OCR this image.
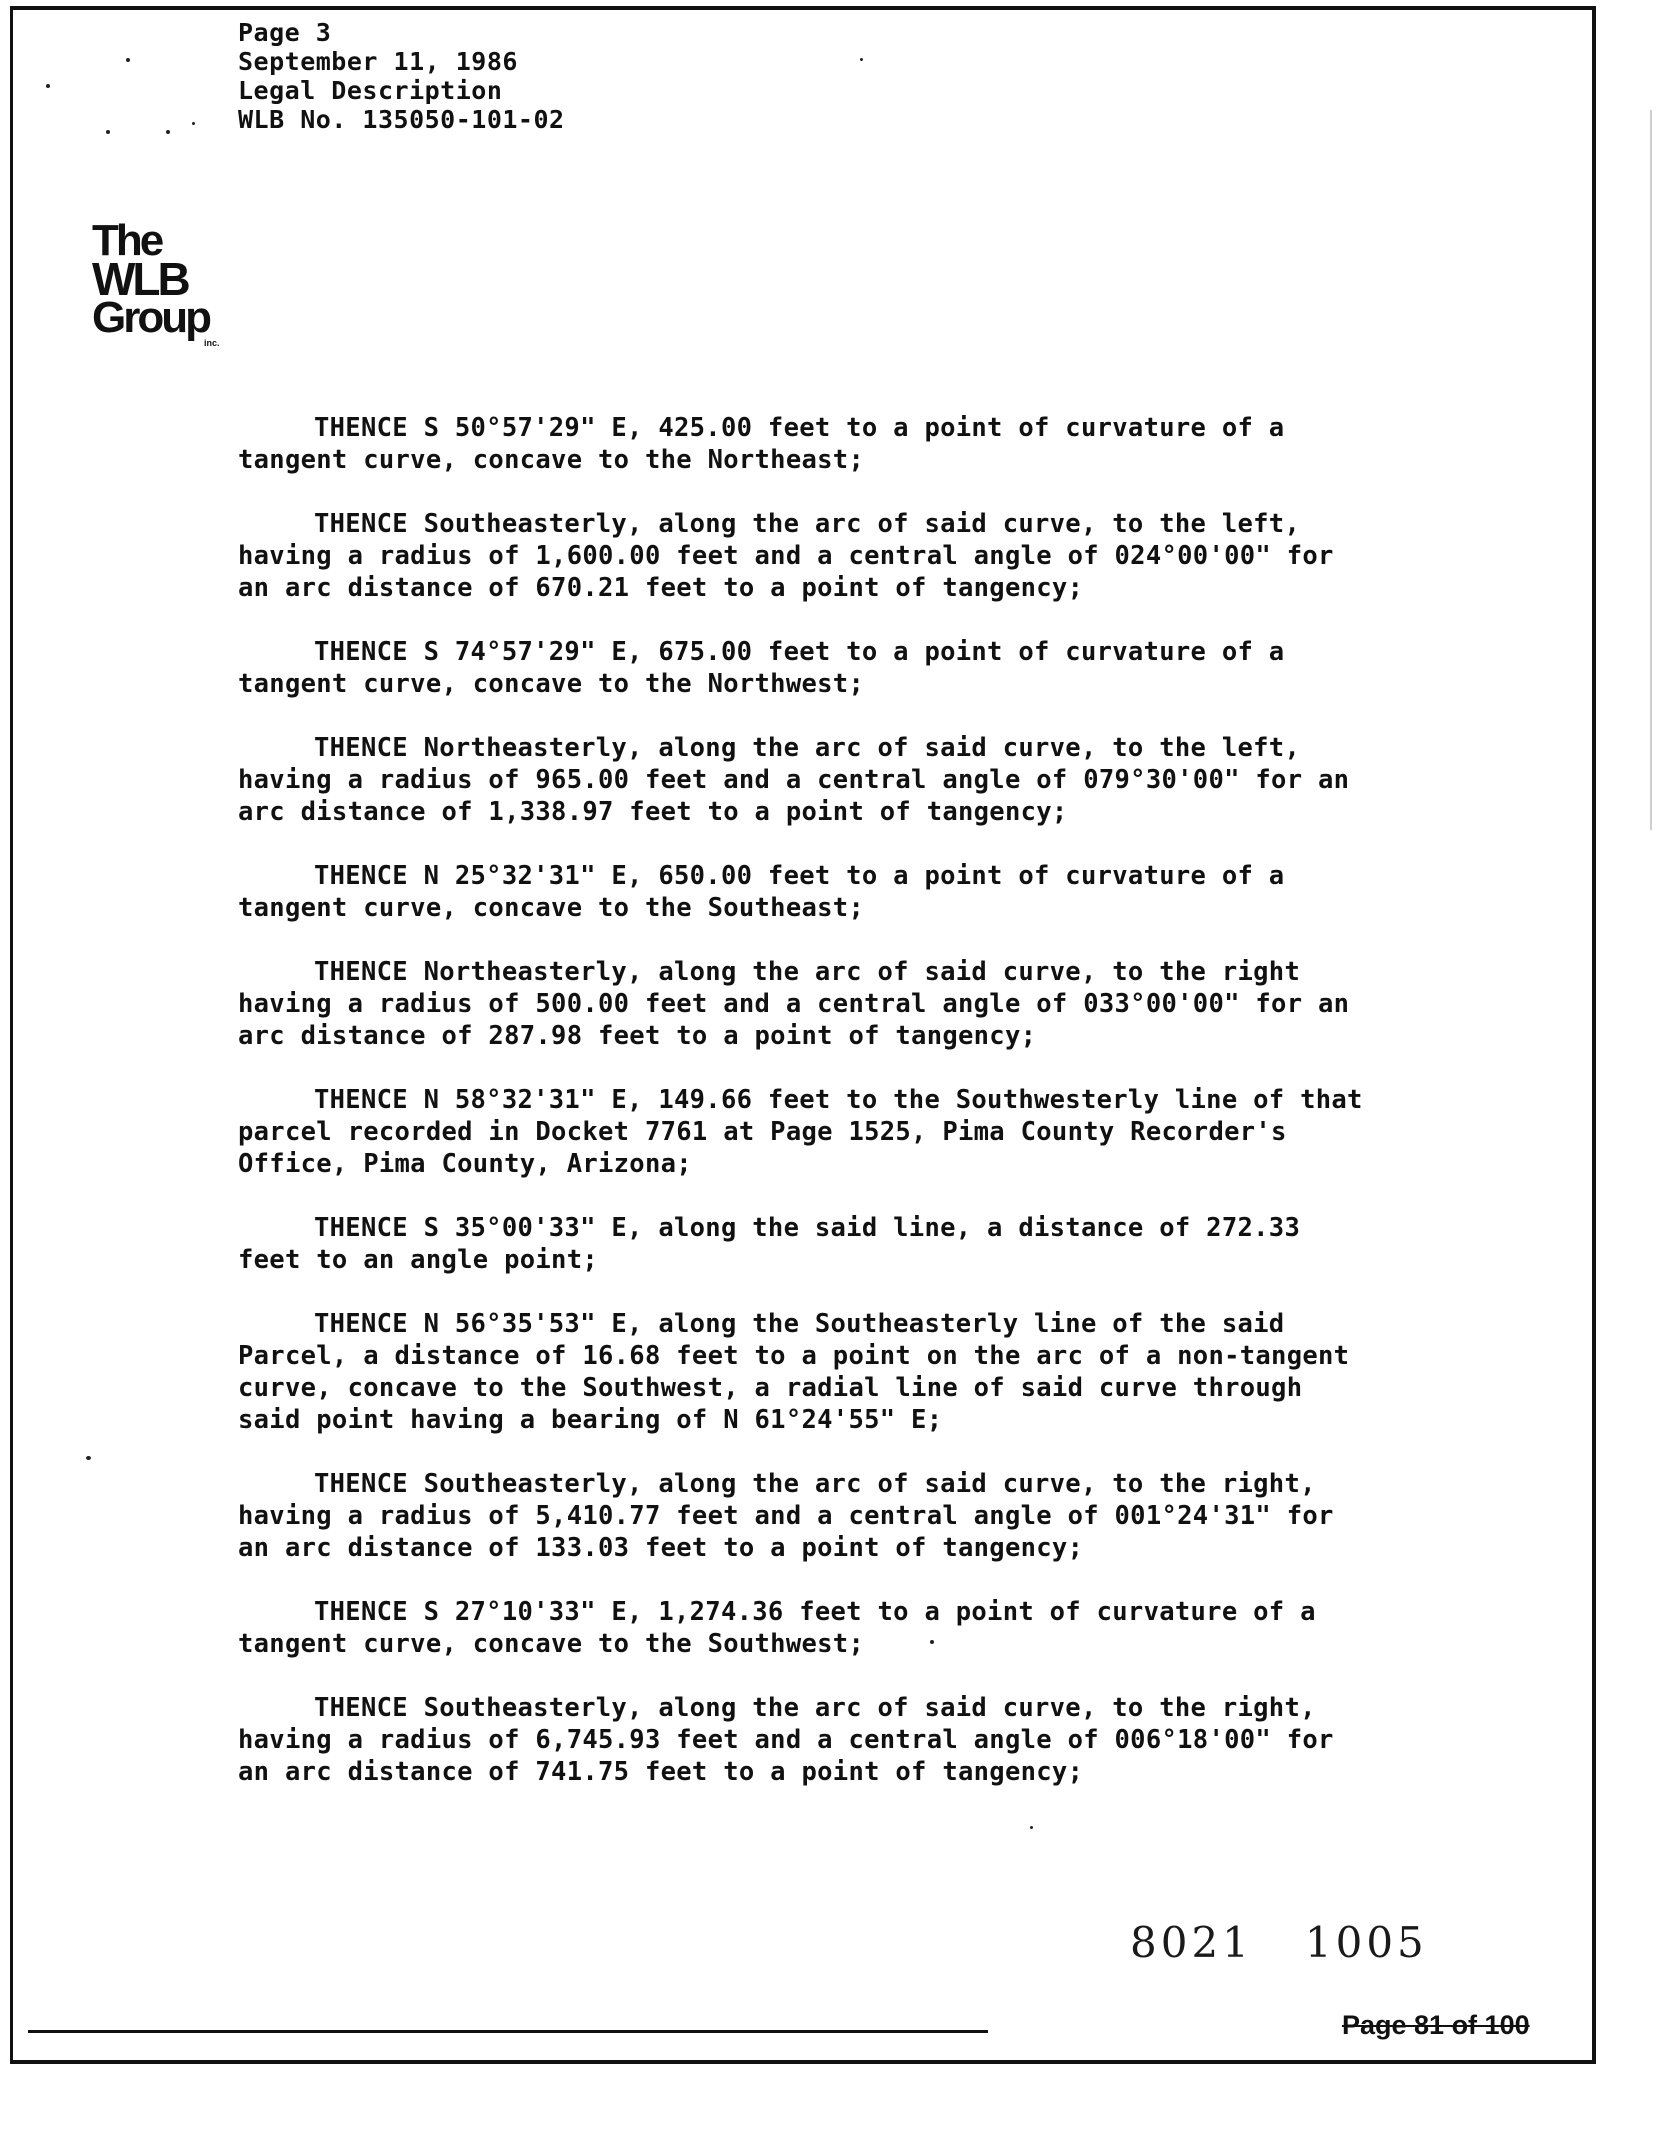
Page 3
September 11, 1986
Legal Description
WLB No. 135050-101-02
The
WLB
Group
inc.
THENCE S 50°57'29" E, 425.00 feet to a point of curvature of a
tangent curve, concave to the Northeast;
THENCE Southeasterly, along the arc of said curve, to the left,
having a radius of 1,600.00 feet and a central angle of 024°00'00" for
an arc distance of 670.21 feet to a point of tangency;
THENCE S 74°57'29" E, 675.00 feet to a point of curvature of a
tangent curve, concave to the Northwest;
THENCE Northeasterly, along the arc of said curve, to the left,
having a radius of 965.00 feet and a central angle of 079°30'00" for an
arc distance of 1,338.97 feet to a point of tangency;
THENCE N 25°32'31" E, 650.00 feet to a point of curvature of a
tangent curve, concave to the Southeast;
THENCE Northeasterly, along the arc of said curve, to the right
having a radius of 500.00 feet and a central angle of 033°00'00" for an
arc distance of 287.98 feet to a point of tangency;
THENCE N 58°32'31" E, 149.66 feet to the Southwesterly line of that
parcel recorded in Docket 7761 at Page 1525, Pima County Recorder's
Office, Pima County, Arizona;
THENCE S 35°00'33" E, along the said line, a distance of 272.33
feet to an angle point;
THENCE N 56°35'53" E, along the Southeasterly line of the said
Parcel, a distance of 16.68 feet to a point on the arc of a non-tangent
curve, concave to the Southwest, a radial line of said curve through
said point having a bearing of N 61°24'55" E;
THENCE Southeasterly, along the arc of said curve, to the right,
having a radius of 5,410.77 feet and a central angle of 001°24'31" for
an arc distance of 133.03 feet to a point of tangency;
THENCE S 27°10'33" E, 1,274.36 feet to a point of curvature of a
tangent curve, concave to the Southwest;
THENCE Southeasterly, along the arc of said curve, to the right,
having a radius of 6,745.93 feet and a central angle of 006°18'00" for
an arc distance of 741.75 feet to a point of tangency;
8021 1005
Page 81 of 100
